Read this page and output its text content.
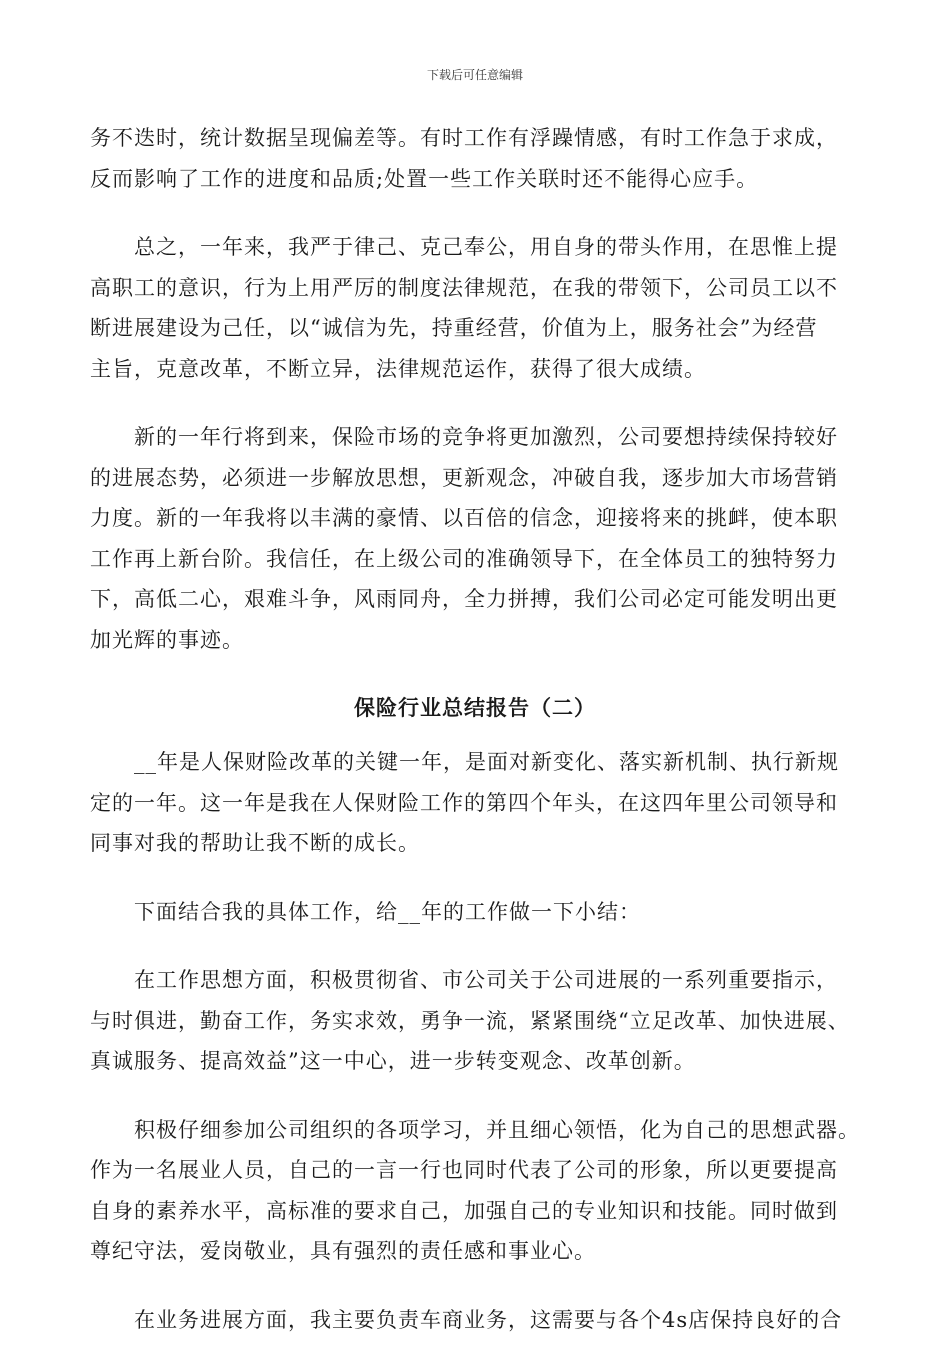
下载后可任意编辑

务不迭时，统计数据呈现偏差等。有时工作有浮躁情感，有时工作急于求成，
反而影响了工作的进度和品质;处置一些工作关联时还不能得心应手。

　　总之，一年来，我严于律己、克己奉公，用自身的带头作用，在思惟上提
高职工的意识，行为上用严厉的制度法律规范，在我的带领下，公司员工以不
断进展建设为己任，以“诚信为先，持重经营，价值为上，服务社会”为经营
主旨，克意改革，不断立异，法律规范运作，获得了很大成绩。

　　新的一年行将到来，保险市场的竞争将更加激烈，公司要想持续保持较好
的进展态势，必须进一步解放思想，更新观念，冲破自我，逐步加大市场营销
力度。新的一年我将以丰满的豪情、以百倍的信念，迎接将来的挑衅，使本职
工作再上新台阶。我信任，在上级公司的准确领导下，在全体员工的独特努力
下，高低二心，艰难斗争，风雨同舟，全力拼搏，我们公司必定可能发明出更
加光辉的事迹。

保险行业总结报告（二）

　　__年是人保财险改革的关键一年，是面对新变化、落实新机制、执行新规
定的一年。这一年是我在人保财险工作的第四个年头，在这四年里公司领导和
同事对我的帮助让我不断的成长。

　　下面结合我的具体工作，给__年的工作做一下小结：

　　在工作思想方面，积极贯彻省、市公司关于公司进展的一系列重要指示，
与时俱进，勤奋工作，务实求效，勇争一流，紧紧围绕“立足改革、加快进展、
真诚服务、提高效益”这一中心，进一步转变观念、改革创新。

　　积极仔细参加公司组织的各项学习，并且细心领悟，化为自己的思想武器。
作为一名展业人员，自己的一言一行也同时代表了公司的形象，所以更要提高
自身的素养水平，高标准的要求自己，加强自己的专业知识和技能。同时做到
尊纪守法，爱岗敬业，具有强烈的责任感和事业心。

　　在业务进展方面，我主要负责车商业务，这需要与各个4s店保持良好的合
